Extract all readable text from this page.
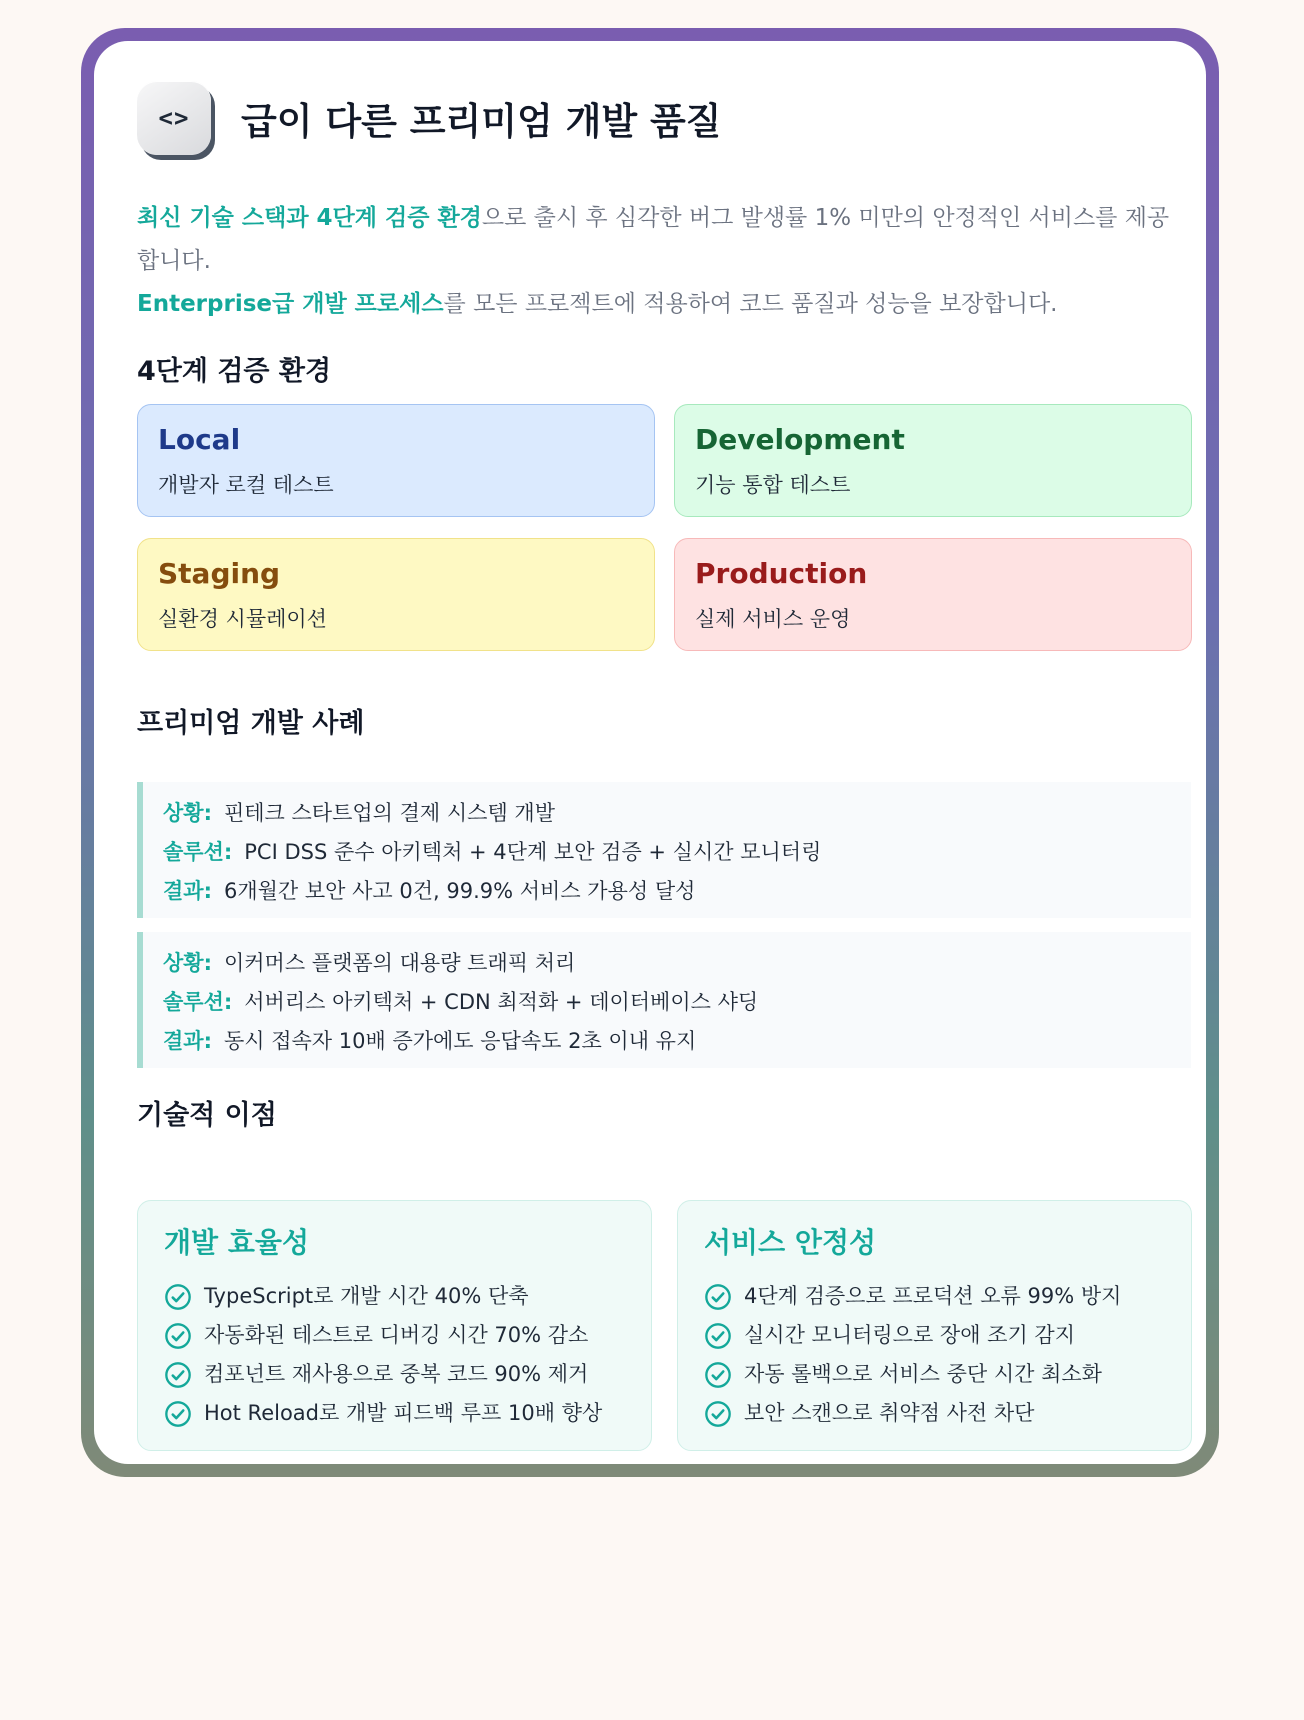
<>	급이 다른 프리미엄 개발 품질
최신 기술 스택과 4단계 검증 환경으로 출시 후 심각한 버그 발생률 1% 미만의 안정적인 서비스를 제공합니다.
Enterprise급 개발 프로세스를 모든 프로젝트에 적용하여 코드 품질과 성능을 보장합니다.
4단계 검증 환경
Local
개발자 로컬 테스트
Development
기능 통합 테스트
Staging
실환경 시뮬레이션
Production
실제 서비스 운영
프리미엄 개발 사례
상황: 핀테크 스타트업의 결제 시스템 개발
솔루션: PCI DSS 준수 아키텍처 + 4단계 보안 검증 + 실시간 모니터링
결과: 6개월간 보안 사고 0건, 99.9% 서비스 가용성 달성
상황: 이커머스 플랫폼의 대용량 트래픽 처리
솔루션: 서버리스 아키텍처 + CDN 최적화 + 데이터베이스 샤딩
결과: 동시 접속자 10배 증가에도 응답속도 2초 이내 유지
기술적 이점
개발 효율성
TypeScript로 개발 시간 40% 단축
자동화된 테스트로 디버깅 시간 70% 감소
컴포넌트 재사용으로 중복 코드 90% 제거
Hot Reload로 개발 피드백 루프 10배 향상
서비스 안정성
4단계 검증으로 프로덕션 오류 99% 방지
실시간 모니터링으로 장애 조기 감지
자동 롤백으로 서비스 중단 시간 최소화
보안 스캔으로 취약점 사전 차단
